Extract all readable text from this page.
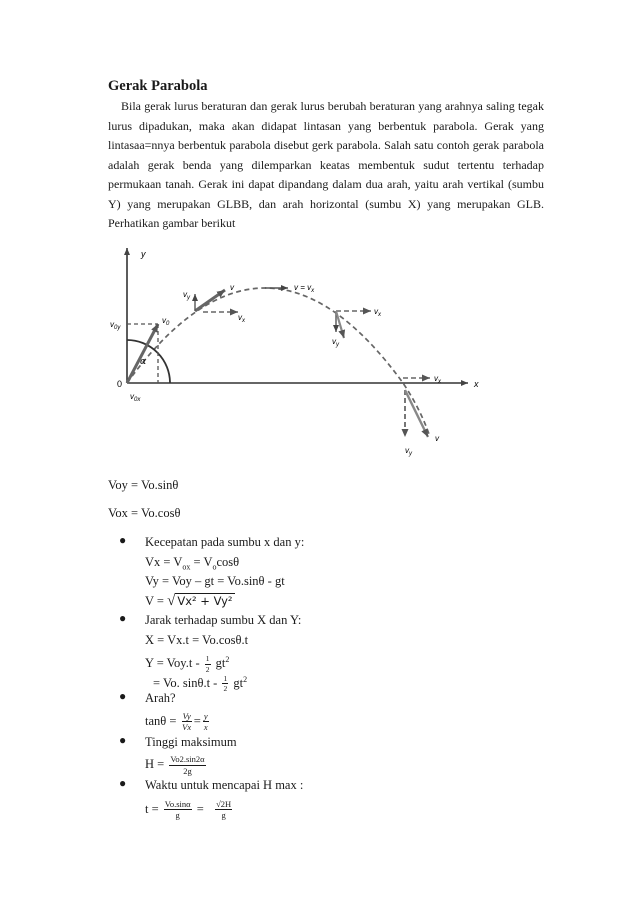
Gerak Parabola

Bila gerak lurus beraturan dan gerak lurus berubah beraturan yang arahnya saling tegak lurus dipadukan, maka akan didapat lintasan yang berbentuk parabola. Gerak yang lintasaa=nnya berbentuk parabola disebut gerk parabola. Salah satu contoh gerak parabola adalah gerak benda yang dilemparkan keatas membentuk sudut tertentu terhadap permukaan tanah. Gerak ini dapat dipandang dalam dua arah, yaitu arah vertikal (sumbu Y) yang merupakan GLBB, dan arah horizontal (sumbu X) yang merupakan GLB. Perhatikan gambar berikut

y
x
0
α
$v_0$
$v_{0y}$
$v_{0x}$
$v_y$
v
$v_x$
$v = v_x$
$v_x$
$v_y$
$v_x$
$v_y$
v
Voy = Vo.sinθ
Vox = Vo.cosθ
● Kecepatan pada sumbu x dan y:
$Vx = V_{ox} = V_o\cos\theta$
Vy = Voy – gt = Vo.sinθ - gt
V = √ Vx² + Vy²
● Jarak terhadap sumbu X dan Y:
X = Vx.t = Vo.cosθ.t
$Y = Voy.t - \frac{1}{2} gt^2$
= Vo. $\sin\theta.t - \frac{1}{2} gt^2$
● Arah?
$\tan\theta = \frac{Vy}{Vx} = \frac{y}{x}$
● Tinggi maksimum
$H = \frac{Vo2.\sin 2\alpha}{2g}$
● Waktu untuk mencapai H max :
$t = \frac{Vo.\sin\alpha}{g} = \frac{√2H}{g}$
